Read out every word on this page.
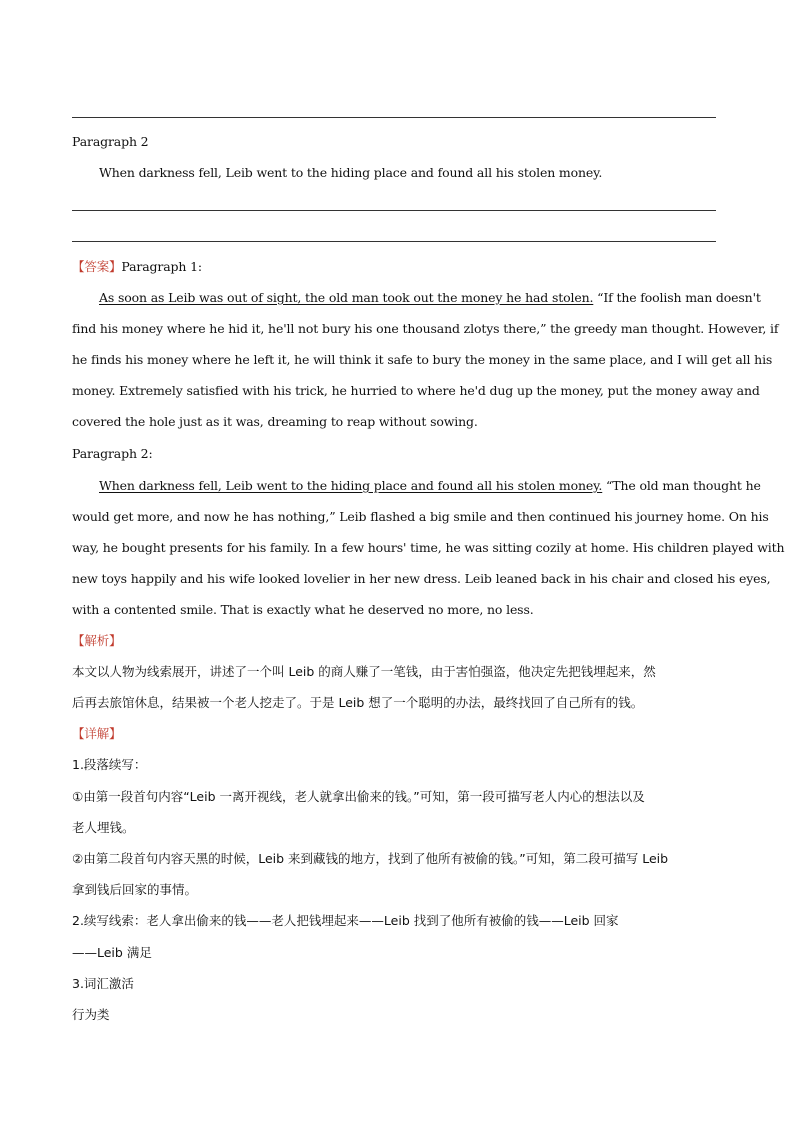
Paragraph 2
When darkness fell, Leib went to the hiding place and found all his stolen money.
【答案】Paragraph 1:
As soon as Leib was out of sight, the old man took out the money he had stolen. “If the foolish man doesn't
find his money where he hid it, he'll not bury his one thousand zlotys there,” the greedy man thought. However, if
he finds his money where he left it, he will think it safe to bury the money in the same place, and I will get all his
money. Extremely satisfied with his trick, he hurried to where he'd dug up the money, put the money away and
covered the hole just as it was, dreaming to reap without sowing.
Paragraph 2:
When darkness fell, Leib went to the hiding place and found all his stolen money. “The old man thought he
would get more, and now he has nothing,” Leib flashed a big smile and then continued his journey home. On his
way, he bought presents for his family. In a few hours' time, he was sitting cozily at home. His children played with
new toys happily and his wife looked lovelier in her new dress. Leib leaned back in his chair and closed his eyes,
with a contented smile. That is exactly what he deserved no more, no less.
【解析】
本文以人物为线索展开，讲述了一个叫 Leib 的商人赚了一笔钱，由于害怕强盗，他决定先把钱埋起来，然
后再去旅馆休息，结果被一个老人挖走了。于是 Leib 想了一个聪明的办法，最终找回了自己所有的钱。
【详解】
1.段落续写：
①由第一段首句内容“Leib 一离开视线，老人就拿出偷来的钱。”可知，第一段可描写老人内心的想法以及
老人埋钱。
②由第二段首句内容天黑的时候，Leib 来到藏钱的地方，找到了他所有被偷的钱。”可知，第二段可描写 Leib
拿到钱后回家的事情。
2.续写线索：老人拿出偷来的钱——老人把钱埋起来——Leib 找到了他所有被偷的钱——Leib 回家
——Leib 满足
3.词汇激活
行为类
